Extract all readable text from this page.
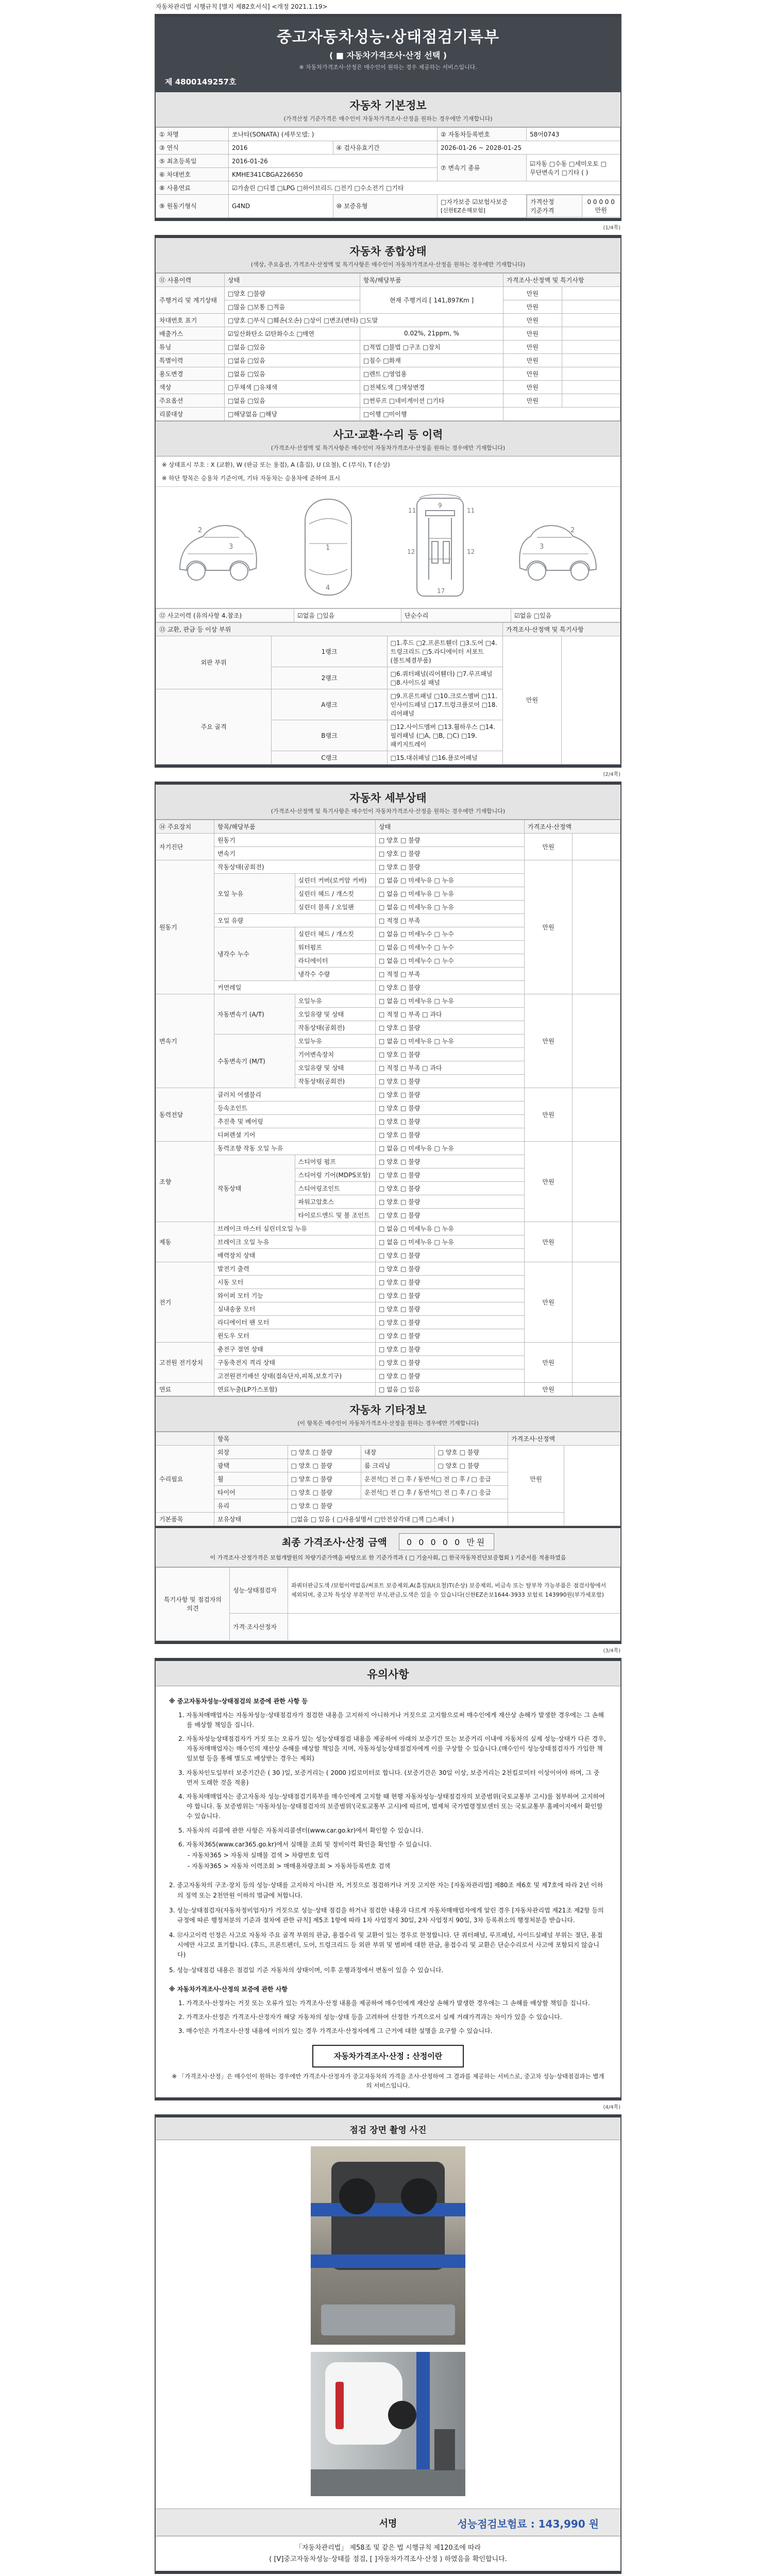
자동차관리법 시행규칙 [별지 제82호서식] <개정 2021.1.19>
중고자동차성능·상태점검기록부
( ■ 자동차가격조사·산정 선택 )
※ 자동차가격조사·산정은 매수인이 원하는 경우 제공하는 서비스입니다.
제 4800149257호
자동차 기본정보
(가격산정 기준가격은 매수인이 자동차가격조사·산정을 원하는 경우에만 기재합니다)
① 차명	쏘나타(SONATA) (세부모델: )	② 자동차등록번호	58어0743
③ 연식	2016	④ 검사유효기간	2026-01-26 ~ 2028-01-25
⑤ 최초등록일	2016-01-26	⑦ 변속기 종류	☑자동 □수동 □세미오토 □무단변속기 □기타 ( )
⑥ 차대번호	KMHE341CBGA226650
⑧ 사용연료	☑가솔린 □디젤 □LPG □하이브리드 □전기 □수소전기 □기타
⑨ 원동기형식	G4ND	⑩ 보증유형	□자가보증 ☑보험사보증 [신한EZ손해보험]	
가격산정 기준가격	0 0 0 0 0 만원
(1/4쪽)
자동차 종합상태
(색상, 주요옵션, 가격조사·산정액 및 특기사항은 매수인이 자동차가격조사·산정을 원하는 경우에만 기재합니다)
⑪ 사용이력	상태	항목/해당부품	가격조사·산정액 및 특기사항	
주행거리 및 계기상태	□양호 □불량	현재 주행거리 [ 141,897Km ]	만원	
	□많음 □보통 □적음		만원	
차대번호 표기	□양호 □부식 □훼손(오손) □상이 □변조(변타) □도말		만원	
배출가스	☑일산화탄소 ☑탄화수소 □매연	0.02%, 21ppm, %	만원	
튜닝	□없음 □있음	□적법 □불법 □구조 □장치	만원	
특별이력	□없음 □있음	□침수 □화재	만원	
용도변경	□없음 □있음	□렌트 □영업용	만원	
색상	□무채색 □유채색	□전체도색 □색상변경	만원	
주요옵션	□없음 □있음	□썬루프 □네비게이션 □기타	만원	
리콜대상	□해당없음 □해당	□이행 □미이행		
사고·교환·수리 등 이력
(가격조사·산정액 및 특기사항은 매수인이 자동차가격조사·산정을 원하는 경우에만 기재합니다)
※ 상태표시 부호 : X (교환), W (판금 또는 용접), A (흠집), U (요철), C (부식), T (손상)
※ 하단 항목은 승용차 기준이며, 기타 자동차는 승용차에 준하여 표시
2
3	1
4
11	11
9
12	12
17
2
3
⑫ 사고이력 (유의사항 4.참조)	☑없음 □있음	단순수리	☑없음 □있음
⑬ 교환, 판금 등 이상 부위			가격조사·산정액 및 특기사항	
외판 부위	1랭크	□1.후드 □2.프론트휀더 □3.도어 □4.트렁크리드 □5.라디에이터 서포트(볼트체결부품)	만원	
	2랭크	□6.쿼터패널(리어휀더) □7.루프패널 □8.사이드실 패널		
주요 골격	A랭크	□9.프론트패널 □10.크로스멤버 □11.인사이드패널 □17.트렁크플로어 □18.리어패널		
	B랭크	□12.사이드멤버 □13.휠하우스 □14.필러패널 (□A, □B, □C) □19.패키지트레이		
	C랭크	□15.대쉬패널 □16.플로어패널		
(2/4쪽)
자동차 세부상태
(가격조사·산정액 및 특기사항은 매수인이 자동차가격조사·산정을 원하는 경우에만 기재합니다)
⑭ 주요장치	항목/해당부품		상태	가격조사·산정액	
자기진단	원동기		□ 양호 □ 불량	만원	
	변속기		□ 양호 □ 불량		
원동기	작동상태(공회전)		□ 양호 □ 불량	만원	
	오일 누유	실린더 커버(로커암 커버)	□ 없음 □ 미세누유 □ 누유		
		실린더 헤드 / 개스킷	□ 없음 □ 미세누유 □ 누유		
		실린더 블록 / 오일팬	□ 없음 □ 미세누유 □ 누유		
	오일 유량		□ 적정 □ 부족		
	냉각수 누수	실린더 헤드 / 개스킷	□ 없음 □ 미세누수 □ 누수		
		워터펌프	□ 없음 □ 미세누수 □ 누수		
		라디에이터	□ 없음 □ 미세누수 □ 누수		
		냉각수 수량	□ 적정 □ 부족		
	커먼레일		□ 양호 □ 불량		
변속기	자동변속기 (A/T)	오일누유	□ 없음 □ 미세누유 □ 누유	만원	
		오일유량 및 상태	□ 적정 □ 부족 □ 과다		
		작동상태(공회전)	□ 양호 □ 불량		
	수동변속기 (M/T)	오일누유	□ 없음 □ 미세누유 □ 누유		
		기어변속장치	□ 양호 □ 불량		
		오일유량 및 상태	□ 적정 □ 부족 □ 과다		
		작동상태(공회전)	□ 양호 □ 불량		
동력전달	클러치 어셈블리		□ 양호 □ 불량	만원	
	등속조인트		□ 양호 □ 불량		
	추진축 및 베어링		□ 양호 □ 불량		
	디퍼렌셜 기어		□ 양호 □ 불량		
조향	동력조향 작동 오일 누유		□ 없음 □ 미세누유 □ 누유	만원	
	작동상태	스티어링 펌프	□ 양호 □ 불량		
		스티어링 기어(MDPS포함)	□ 양호 □ 불량		
		스티어링조인트	□ 양호 □ 불량		
		파워고압호스	□ 양호 □ 불량		
		타이로드엔드 및 볼 조인트	□ 양호 □ 불량		
제동	브레이크 마스터 실린더오일 누유		□ 없음 □ 미세누유 □ 누유	만원	
	브레이크 오일 누유		□ 없음 □ 미세누유 □ 누유		
	배력장치 상태		□ 양호 □ 불량		
전기	발전기 출력		□ 양호 □ 불량	만원	
	시동 모터		□ 양호 □ 불량		
	와이퍼 모터 기능		□ 양호 □ 불량		
	실내송풍 모터		□ 양호 □ 불량		
	라디에이터 팬 모터		□ 양호 □ 불량		
	윈도우 모터		□ 양호 □ 불량		
고전원 전기장치	충전구 절연 상태		□ 양호 □ 불량	만원	
	구동축전지 격리 상태		□ 양호 □ 불량		
	고전원전기배선 상태(접속단자,피복,보호기구)		□ 양호 □ 불량		
연료	연료누출(LP가스포함)		□ 없음 □ 있음	만원	
자동차 기타정보
(이 항목은 매수인이 자동차가격조사·산정을 원하는 경우에만 기재합니다)
	항목				가격조사·산정액	
수리필요	외장	□ 양호 □ 불량	내장	□ 양호 □ 불량	만원	
	광택	□ 양호 □ 불량	룸 크리닝	□ 양호 □ 불량		
	휠	□ 양호 □ 불량	운전석□ 전 □ 후 / 동반석□ 전 □ 후 / □ 응급			
	타이어	□ 양호 □ 불량	운전석□ 전 □ 후 / 동반석□ 전 □ 후 / □ 응급			
	유리	□ 양호 □ 불량				
기본품목	보유상태	□없음 □ 있음 ( □사용설명서 □안전삼각대 □잭 □스패너 )				
최종 가격조사·산정 금액 0 0 0 0 0 만원
이 가격조사·산정가격은 보험개발원의 차량기준가액을 바탕으로 한 기준가격과 ( □ 기술사회, □ 한국자동차진단보증협회 ) 기준서를 적용하였음
특기사항 및 점검자의 의견	성능·상태점검자	좌쿼터판금도색 /보험이력없음/써포트 보증제외,A(흠집)U(요철)T(손상) 보증제외, 비금속 또는 탈부착 가능부품은 점검사항에서 제외되며, 중고차 특성상 부분적인 부식,판금,도색은 있을 수 있습니다(신한EZ손보1644-3933 보험료 143990원(부가세포함)
	가격·조사산정자	
(3/4쪽)
유의사항
※ 중고자동차성능·상태점검의 보증에 관한 사항 등
1. 자동차매매업자는 자동차성능·상태점검자가 점검한 내용을 고지하지 아니하거나 거짓으로 고지함으로써 매수인에게 재산상 손해가 발생한 경우에는 그 손해를 배상할 책임을 집니다.
2. 자동차성능상태점검자가 거짓 또는 오류가 있는 성능상태점검 내용을 제공하여 아래의 보증기간 또는 보증거리 이내에 자동차의 실제 성능·상태가 다른 경우, 자동차매매업자는 매수인의 재산상 손해를 배상할 책임을 지며, 자동차성능상태점검자에게 이를 구상할 수 있습니다.(매수인이 성능상태점검자가 가입한 책임보험 등을 통해 별도로 배상받는 경우는 제외)
3. 자동차인도일부터 보증기간은 ( 30 )일, 보증거리는 ( 2000 )킬로미터로 합니다. (보증기간은 30일 이상, 보증거리는 2천킬로미터 이상이어야 하며, 그 중 먼저 도래한 것을 적용)
4. 자동차매매업자는 중고자동차 성능·상태점검기록부를 매수인에게 고지할 때 현행 자동차성능·상태점검자의 보증범위(국토교통부 고시)를 첨부하여 고지하여야 합니다. 동 보증범위는 '자동차성능·상태점검자의 보증범위'(국토교통부 고시)에 따르며, 법제처 국가법령정보센터 또는 국토교통부 홈페이지에서 확인할 수 있습니다.
5. 자동차의 리콜에 관한 사항은 자동차리콜센터(www.car.go.kr)에서 확인할 수 있습니다.
6. 자동차365(www.car365.go.kr)에서 실매물 조회 및 정비이력 확인을 확인할 수 있습니다.
- 자동차365 > 자동차 실매물 검색 > 차량번호 입력
- 자동차365 > 자동차 이력조회 > 매매용차량조회 > 자동차등록번호 검색
2. 중고자동차의 구조·장치 등의 성능·상태를 고지하지 아니한 자, 거짓으로 점검하거나 거짓 고지한 자는 [자동차관리법] 제80조 제6호 및 제7호에 따라 2년 이하의 징역 또는 2천만원 이하의 벌금에 처합니다.
3. 성능·상태점검자(자동차정비업자)가 거짓으로 성능·상태 점검을 하거나 점검한 내용과 다르게 자동차매매업자에게 알린 경우 [자동차관리법 제21조 제2항 등의 규정에 따른 행정처분의 기준과 절차에 관한 규칙] 제5조 1항에 따라 1차 사업정지 30일, 2차 사업정지 90일, 3차 등록취소의 행정처분을 받습니다.
4. ⑫사고이력 인정은 사고로 자동차 주요 골격 부위의 판금, 용접수리 및 교환이 있는 경우로 한정합니다. 단 쿼터패널, 루프패널, 사이드실패널 부위는 절단, 용접 시에만 사고로 표기합니다. (후드, 프론트펜더, 도어, 트렁크리드 등 외판 부위 및 범퍼에 대한 판금, 용접수리 및 교환은 단순수리로서 사고에 포함되지 않습니다)
5. 성능·상태점검 내용은 점검일 기준 자동차의 상태이며, 이후 운행과정에서 변동이 있을 수 있습니다.
※ 자동차가격조사·산정의 보증에 관한 사항
1. 가격조사·산정자는 거짓 또는 오류가 있는 가격조사·산정 내용을 제공하여 매수인에게 재산상 손해가 발생한 경우에는 그 손해를 배상할 책임을 집니다.
2. 가격조사·산정은 가격조사·산정자가 해당 자동차의 성능·상태 등을 고려하여 산정한 가격으로서 실제 거래가격과는 차이가 있을 수 있습니다.
3. 매수인은 가격조사·산정 내용에 이의가 있는 경우 가격조사·산정자에게 그 근거에 대한 설명을 요구할 수 있습니다.
자동차가격조사·산정 : 산정이란
※ 「가격조사·산정」은 매수인이 원하는 경우에만 가격조사·산정자가 중고자동차의 가격을 조사·산정하여 그 결과를 제공하는 서비스로, 중고차 성능·상태점검과는 별개의 서비스입니다.
(4/4쪽)
점검 장면 촬영 사진
서명	성능점검보험료 : 143,990 원
「자동차관리법」 제58조 및 같은 법 시행규칙 제120조에 따라
( [Ⅴ]중고자동차성능·상태를 점검, [ ]자동차가격조사·산정 ) 하였음을 확인합니다.
